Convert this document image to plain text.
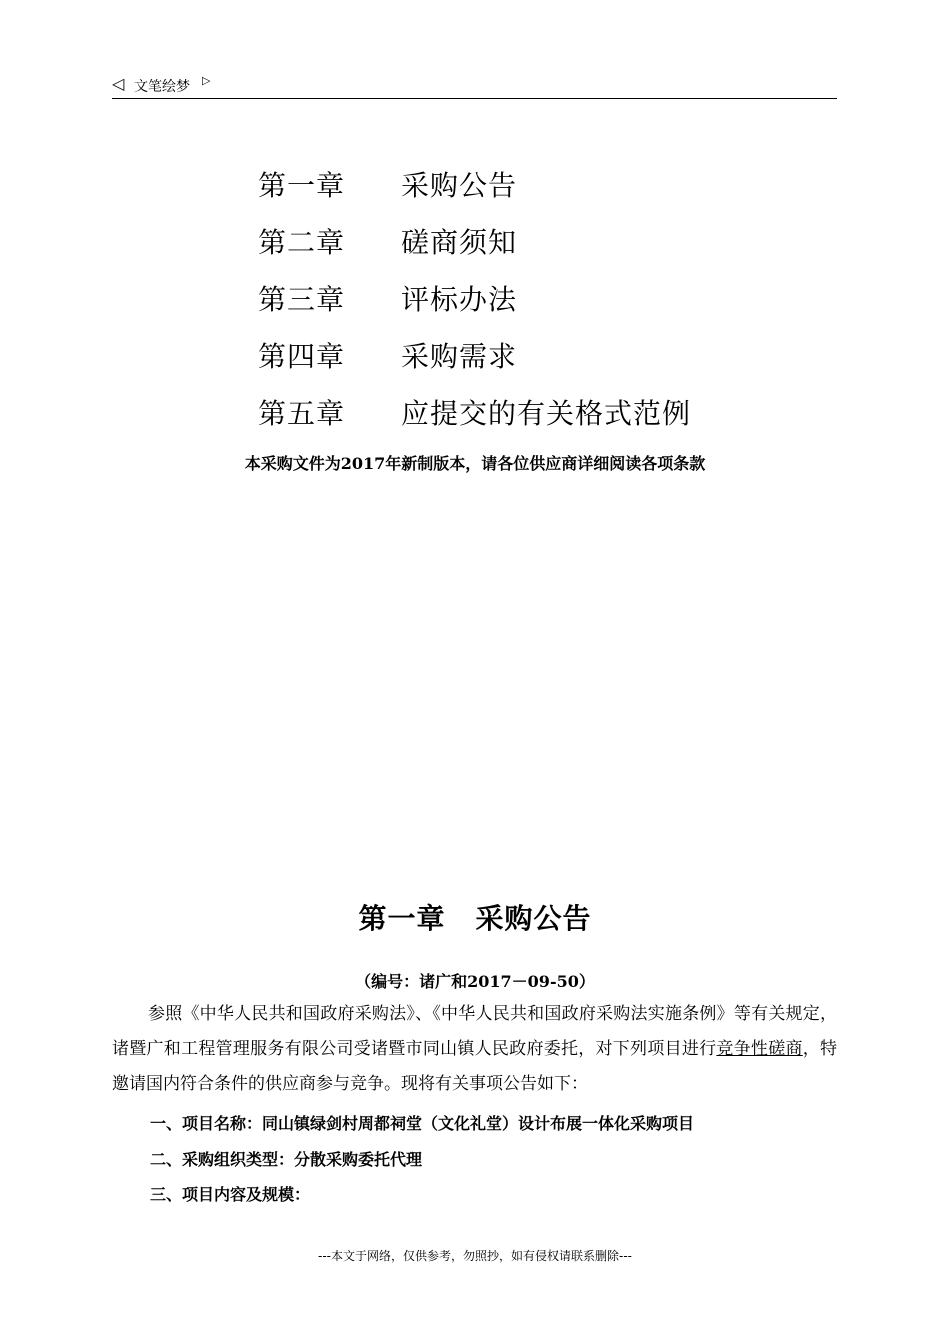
◁ 文笔绘梦 ▷
第一章	采购公告
第二章	磋商须知
第三章	评标办法
第四章	采购需求
第五章	应提交的有关格式范例
本采购文件为2017年新制版本，请各位供应商详细阅读各项条款
第一章 采购公告
（编号：诸广和2017－09-50）
参照《中华人民共和国政府采购法》、《中华人民共和国政府采购法实施条例》等有关规定，诸暨广和工程管理服务有限公司受诸暨市同山镇人民政府委托，对下列项目进行竞争性磋商，特邀请国内符合条件的供应商参与竞争。现将有关事项公告如下：
一、项目名称：同山镇绿剑村周都祠堂（文化礼堂）设计布展一体化采购项目
二、采购组织类型：分散采购委托代理
三、项目内容及规模：
---本文于网络，仅供参考，勿照抄，如有侵权请联系删除---
